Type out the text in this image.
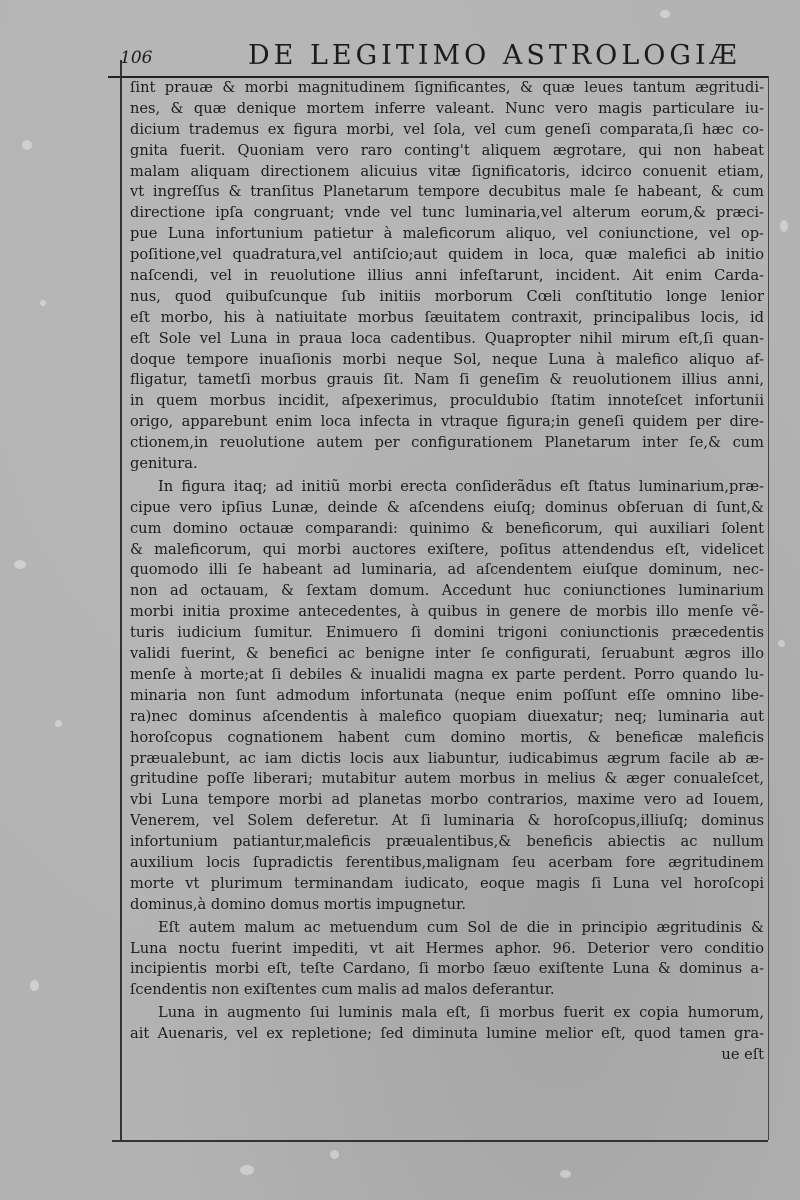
106	DE LEGITIMO ASTROLOGIÆ
ſint prauæ & morbi magnitudinem ſignificantes, & quæ leues tantum ægritudi-
nes, & quæ denique mortem inferre valeant. Nunc vero magis particulare iu-
dicium trademus ex figura morbi, vel ſola, vel cum geneſi comparata,ſi hæc co-
gnita fuerit. Quoniam vero raro conting't aliquem ægrotare, qui non habeat
malam aliquam directionem alicuius vitæ ſignificatoris, idcirco conuenit etiam,
vt ingreſſus & tranſitus Planetarum tempore decubitus male ſe habeant, & cum
directione ipſa congruant; vnde vel tunc luminaria,vel alterum eorum,& præci-
pue Luna infortunium patietur à maleficorum aliquo, vel coniunctione, vel op-
poſitione,vel quadratura,vel antiſcio;aut quidem in loca, quæ malefici ab initio
naſcendi, vel in reuolutione illius anni infeſtarunt, incident. Ait enim Carda-
nus, quod quibuſcunque ſub initiis morborum Cœli conſtitutio longe lenior
eſt morbo, his à natiuitate morbus ſæuitatem contraxit, principalibus locis, id
eſt Sole vel Luna in praua loca cadentibus. Quapropter nihil mirum eſt,ſi quan-
doque tempore inuaſionis morbi neque Sol, neque Luna à malefico aliquo af-
fligatur, tametſi morbus grauis ſit. Nam ſi geneſim & reuolutionem illius anni,
in quem morbus incidit, aſpexerimus, proculdubio ſtatim innoteſcet infortunii
origo, apparebunt enim loca infecta in vtraque figura;in geneſi quidem per dire-
ctionem,in reuolutione autem per configurationem Planetarum inter ſe,& cum
genitura.
In figura itaq; ad initiũ morbi erecta conſiderãdus eſt ſtatus luminarium,præ-
cipue vero ipſius Lunæ, deinde & aſcendens eiuſq; dominus obſeruan di ſunt,&
cum domino octauæ comparandi: quinimo & beneficorum, qui auxiliari ſolent
& maleficorum, qui morbi auctores exiſtere, poſitus attendendus eſt, videlicet
quomodo illi ſe habeant ad luminaria, ad aſcendentem eiuſque dominum, nec-
non ad octauam, & ſextam domum. Accedunt huc coniunctiones luminarium
morbi initia proxime antecedentes, à quibus in genere de morbis illo menſe vẽ-
turis iudicium ſumitur. Enimuero ſi domini trigoni coniunctionis præcedentis
validi fuerint, & benefici ac benigne inter ſe configurati, ſeruabunt ægros illo
menſe à morte;at ſi debiles & inualidi magna ex parte perdent. Porro quando lu-
minaria non ſunt admodum infortunata (neque enim poſſunt eſſe omnino libe-
ra)nec dominus aſcendentis à malefico quopiam diuexatur; neq; luminaria aut
horoſcopus cognationem habent cum domino mortis, & beneficæ maleficis
præualebunt, ac iam dictis locis aux liabuntur, iudicabimus ægrum facile ab æ-
gritudine poſſe liberari; mutabitur autem morbus in melius & æger conualeſcet,
vbi Luna tempore morbi ad planetas morbo contrarios, maxime vero ad Iouem,
Venerem, vel Solem deferetur. At ſi luminaria & horoſcopus,illiuſq; dominus
infortunium patiantur,maleficis præualentibus,& beneficis abiectis ac nullum
auxilium locis ſupradictis ferentibus,malignam ſeu acerbam fore ægritudinem
morte vt plurimum terminandam iudicato, eoque magis ſi Luna vel horoſcopi
dominus,à domino domus mortis impugnetur.
Eſt autem malum ac metuendum cum Sol de die in principio ægritudinis &
Luna noctu fuerint impediti, vt ait Hermes aphor. 96. Deterior vero conditio
incipientis morbi eſt, teſte Cardano, ſi morbo ſæuo exiſtente Luna & dominus a-
ſcendentis non exiſtentes cum malis ad malos deferantur.
Luna in augmento ſui luminis mala eſt, ſi morbus fuerit ex copia humorum,
ait Auenaris, vel ex repletione; ſed diminuta lumine melior eſt, quod tamen gra-
ue eſt
